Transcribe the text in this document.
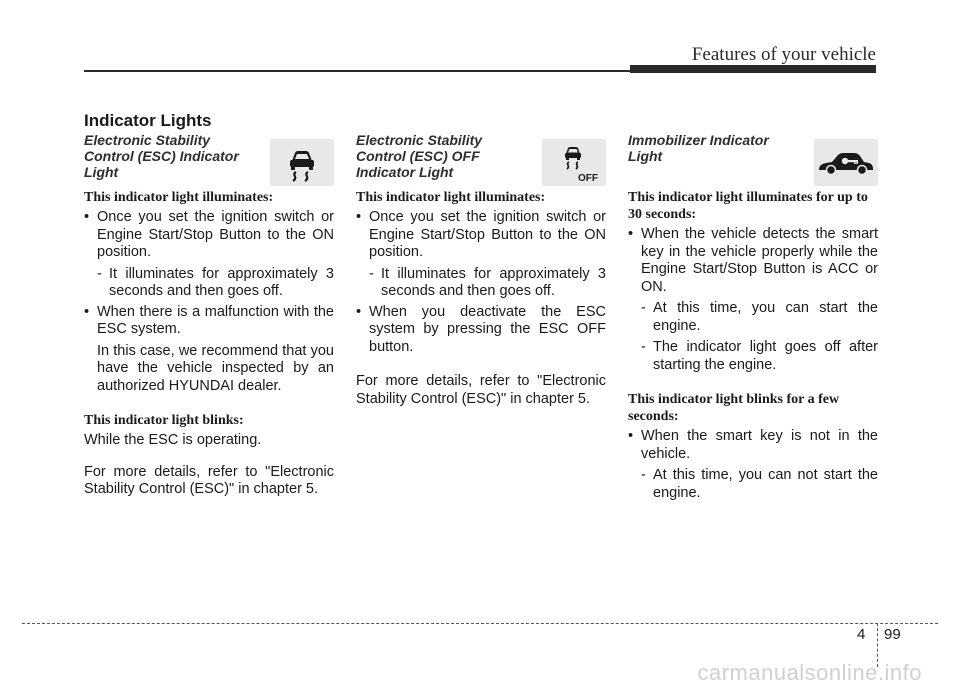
Features of your vehicle
Indicator Lights
Electronic Stability
Control (ESC) Indicator
Light
This indicator light illuminates:
• Once you set the ignition switch or Engine Start/Stop Button to the ON position.
- It illuminates for approximately 3 seconds and then goes off.
• When there is a malfunction with the ESC system.
In this case, we recommend that you have the vehicle inspected by an authorized HYUNDAI dealer.
This indicator light blinks:
While the ESC is operating.
For more details, refer to "Electronic Stability Control (ESC)" in chapter 5.
Electronic Stability
Control (ESC) OFF
Indicator Light	OFF
This indicator light illuminates:
• Once you set the ignition switch or Engine Start/Stop Button to the ON position.
- It illuminates for approximately 3 seconds and then goes off.
• When you deactivate the ESC system by pressing the ESC OFF button.
For more details, refer to "Electronic Stability Control (ESC)" in chapter 5.
Immobilizer Indicator
Light
This indicator light illuminates for up to 30 seconds:
• When the vehicle detects the smart key in the vehicle properly while the Engine Start/Stop Button is ACC or ON.
- At this time, you can start the engine.
- The indicator light goes off after starting the engine.
This indicator light blinks for a few seconds:
• When the smart key is not in the vehicle.
- At this time, you can not start the engine.
4 99
carmanualsonline.info
